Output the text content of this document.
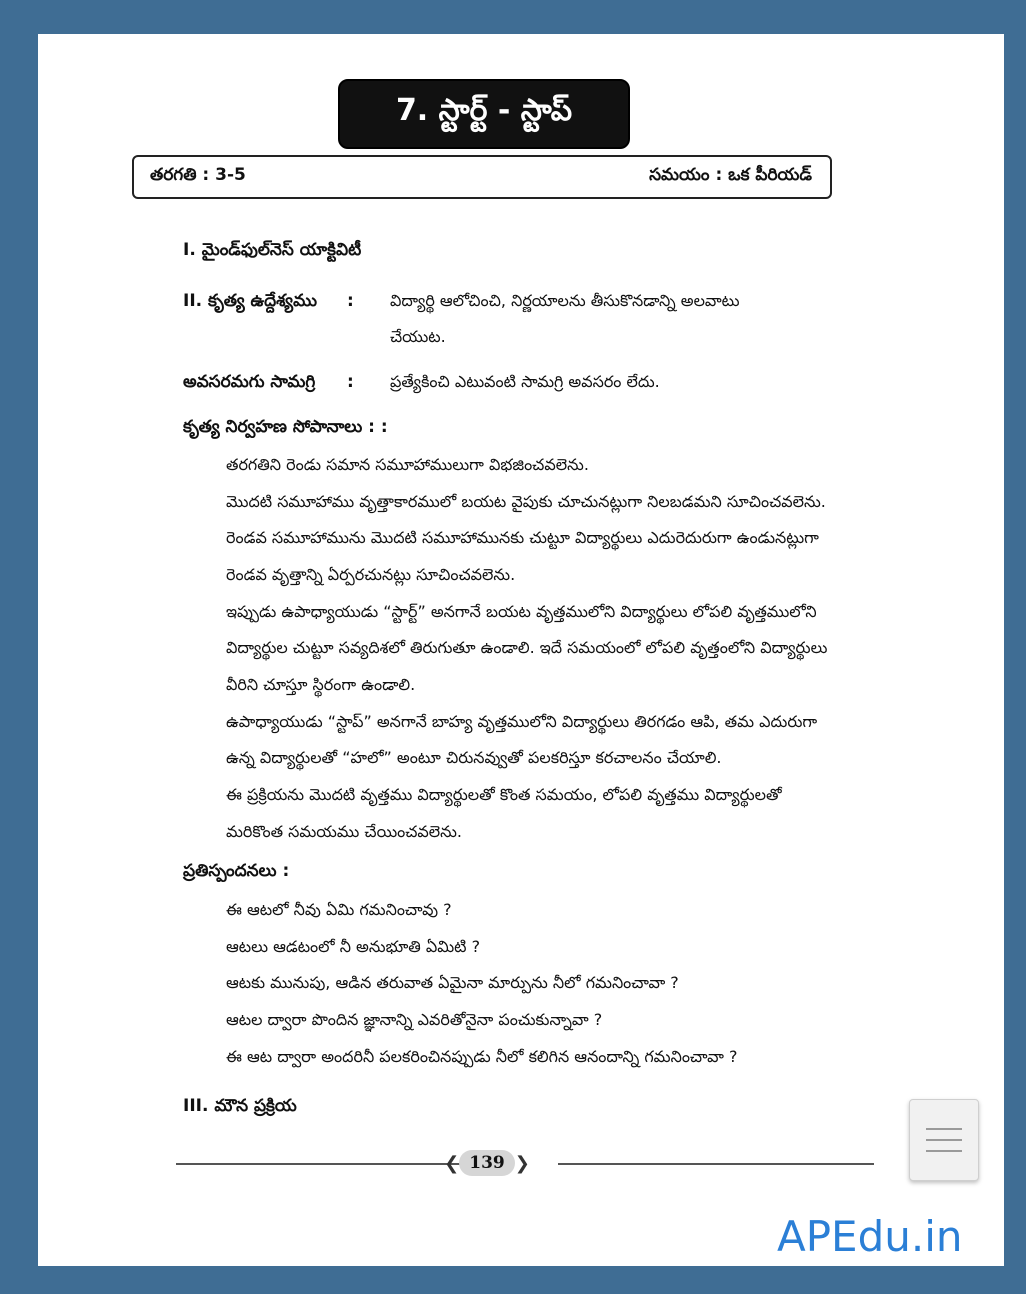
7. స్టార్ట్ - స్టాప్
తరగతి : 3-5	సమయం : ఒక పీరియడ్
I. మైండ్‌ఫుల్‌నెస్ యాక్టివిటీ
II. కృత్య ఉద్దేశ్యము : విద్యార్థి ఆలోచించి, నిర్ణయాలను తీసుకొనడాన్ని అలవాటు
చేయుట.
అవసరమగు సామగ్రి : ప్రత్యేకించి ఎటువంటి సామగ్రి అవసరం లేదు.
కృత్య నిర్వహణ సోపానాలు : :
తరగతిని రెండు సమాన సమూహాములుగా విభజించవలెను.
మొదటి సమూహాము వృత్తాకారములో బయట వైపుకు చూచునట్లుగా నిలబడమని సూచించవలెను.
రెండవ సమూహామును మొదటి సమూహామునకు చుట్టూ విద్యార్థులు ఎదురెదురుగా ఉండునట్లుగా
రెండవ వృత్తాన్ని ఏర్పరచునట్లు సూచించవలెను.
ఇప్పుడు ఉపాధ్యాయుడు “స్టార్ట్” అనగానే బయట వృత్తములోని విద్యార్థులు లోపలి వృత్తములోని
విద్యార్థుల చుట్టూ సవ్యదిశలో తిరుగుతూ ఉండాలి. ఇదే సమయంలో లోపలి వృత్తంలోని విద్యార్థులు
వీరిని చూస్తూ స్థిరంగా ఉండాలి.
ఉపాధ్యాయుడు “స్టాప్” అనగానే బాహ్య వృత్తములోని విద్యార్థులు తిరగడం ఆపి, తమ ఎదురుగా
ఉన్న విద్యార్థులతో “హలో” అంటూ చిరునవ్వుతో పలకరిస్తూ కరచాలనం చేయాలి.
ఈ ప్రక్రియను మొదటి వృత్తము విద్యార్థులతో కొంత సమయం, లోపలి వృత్తము విద్యార్థులతో
మరికొంత సమయము చేయించవలెను.
ప్రతిస్పందనలు :
ఈ ఆటలో నీవు ఏమి గమనించావు ?
ఆటలు ఆడటంలో నీ అనుభూతి ఏమిటి ?
ఆటకు మునుపు, ఆడిన తరువాత ఏమైనా మార్పును నీలో గమనించావా ?
ఆటల ద్వారా పొందిన జ్ఞానాన్ని ఎవరితోనైనా పంచుకున్నావా ?
ఈ ఆట ద్వారా అందరినీ పలకరించినప్పుడు నీలో కలిగిన ఆనందాన్ని గమనించావా ?
III. మౌన ప్రక్రియ
❮ 139 ❯
APEdu.in
